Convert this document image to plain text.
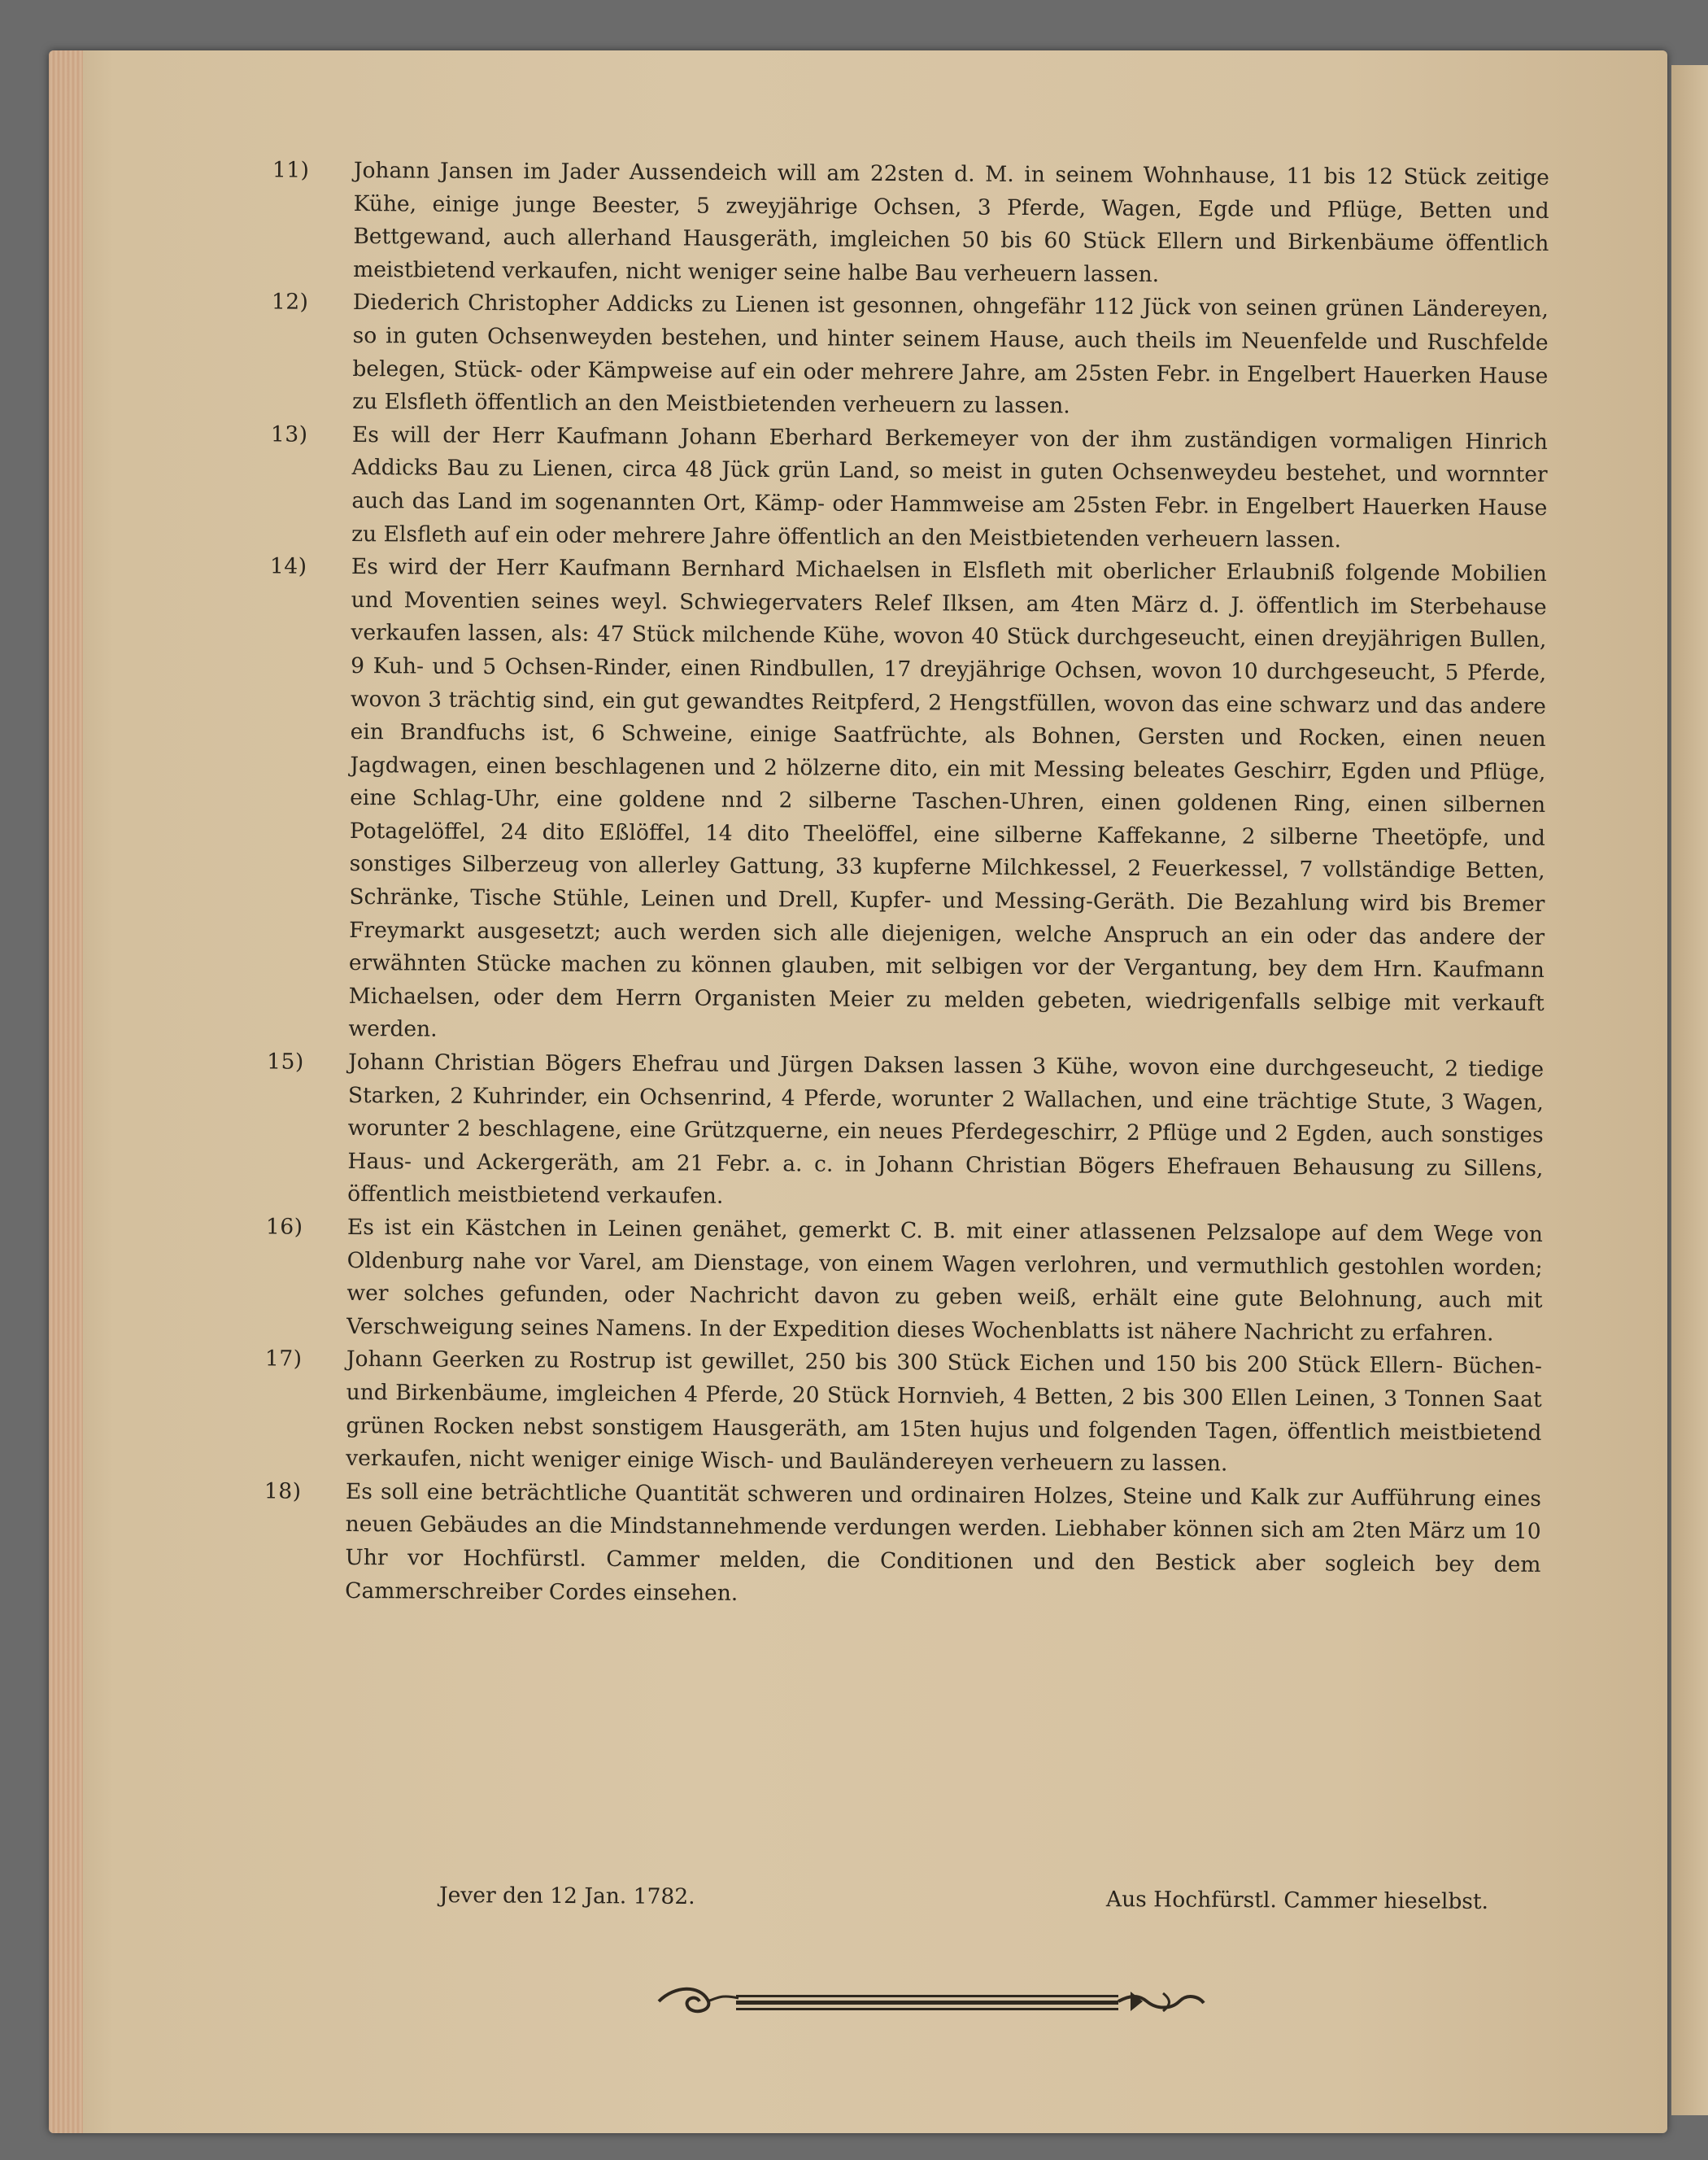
11)	Johann Jansen im Jader Aussendeich will am 22sten d. M. in seinem Wohnhause, 11 bis 12 Stück zeitige Kühe, einige junge Beester, 5 zweyjährige Ochsen, 3 Pferde, Wagen, Egde und Pflüge, Betten und Bettgewand, auch allerhand Hausgeräth, imgleichen 50 bis 60 Stück Ellern und Birkenbäume öffentlich meistbietend verkaufen, nicht weniger seine halbe Bau verheuern lassen.
12)	Diederich Christopher Addicks zu Lienen ist gesonnen, ohngefähr 112 Jück von seinen grünen Ländereyen, so in guten Ochsenweyden bestehen, und hinter seinem Hause, auch theils im Neuenfelde und Ruschfelde belegen, Stück- oder Kämpweise auf ein oder mehrere Jahre, am 25sten Febr. in Engelbert Hauerken Hause zu Elsfleth öffentlich an den Meistbietenden verheuern zu lassen.
13)	Es will der Herr Kaufmann Johann Eberhard Berkemeyer von der ihm zuständigen vormaligen Hinrich Addicks Bau zu Lienen, circa 48 Jück grün Land, so meist in guten Ochsenweydeu bestehet, und wornnter auch das Land im sogenannten Ort, Kämp- oder Hammweise am 25sten Febr. in Engelbert Hauerken Hause zu Elsfleth auf ein oder mehrere Jahre öffentlich an den Meistbietenden verheuern lassen.
14)	Es wird der Herr Kaufmann Bernhard Michaelsen in Elsfleth mit oberlicher Erlaubniß folgende Mobilien und Moventien seines weyl. Schwiegervaters Relef Ilksen, am 4ten März d. J. öffentlich im Sterbehause verkaufen lassen, als: 47 Stück milchende Kühe, wovon 40 Stück durchgeseucht, einen dreyjährigen Bullen, 9 Kuh- und 5 Ochsen-Rinder, einen Rindbullen, 17 dreyjährige Ochsen, wovon 10 durchgeseucht, 5 Pferde, wovon 3 trächtig sind, ein gut gewandtes Reitpferd, 2 Hengstfüllen, wovon das eine schwarz und das andere ein Brandfuchs ist, 6 Schweine, einige Saatfrüchte, als Bohnen, Gersten und Rocken, einen neuen Jagdwagen, einen beschlagenen und 2 hölzerne dito, ein mit Messing beleates Geschirr, Egden und Pflüge, eine Schlag-Uhr, eine goldene nnd 2 silberne Taschen-Uhren, einen goldenen Ring, einen silbernen Potagelöffel, 24 dito Eßlöffel, 14 dito Theelöffel, eine silberne Kaffekanne, 2 silberne Theetöpfe, und sonstiges Silberzeug von allerley Gattung, 33 kupferne Milchkessel, 2 Feuerkessel, 7 vollständige Betten, Schränke, Tische Stühle, Leinen und Drell, Kupfer- und Messing-Geräth. Die Bezahlung wird bis Bremer Freymarkt ausgesetzt; auch werden sich alle diejenigen, welche Anspruch an ein oder das andere der erwähnten Stücke machen zu können glauben, mit selbigen vor der Vergantung, bey dem Hrn. Kaufmann Michaelsen, oder dem Herrn Organisten Meier zu melden gebeten, wiedrigenfalls selbige mit verkauft werden.
15)	Johann Christian Bögers Ehefrau und Jürgen Daksen lassen 3 Kühe, wovon eine durchgeseucht, 2 tiedige Starken, 2 Kuhrinder, ein Ochsenrind, 4 Pferde, worunter 2 Wallachen, und eine trächtige Stute, 3 Wagen, worunter 2 beschlagene, eine Grützquerne, ein neues Pferdegeschirr, 2 Pflüge und 2 Egden, auch sonstiges Haus- und Ackergeräth, am 21 Febr. a. c. in Johann Christian Bögers Ehefrauen Behausung zu Sillens, öffentlich meistbietend verkaufen.
16)	Es ist ein Kästchen in Leinen genähet, gemerkt C. B. mit einer atlassenen Pelzsalope auf dem Wege von Oldenburg nahe vor Varel, am Dienstage, von einem Wagen verlohren, und vermuthlich gestohlen worden; wer solches gefunden, oder Nachricht davon zu geben weiß, erhält eine gute Belohnung, auch mit Verschweigung seines Namens. In der Expedition dieses Wochenblatts ist nähere Nachricht zu erfahren.
17)	Johann Geerken zu Rostrup ist gewillet, 250 bis 300 Stück Eichen und 150 bis 200 Stück Ellern- Büchen- und Birkenbäume, imgleichen 4 Pferde, 20 Stück Hornvieh, 4 Betten, 2 bis 300 Ellen Leinen, 3 Tonnen Saat grünen Rocken nebst sonstigem Hausgeräth, am 15ten hujus und folgenden Tagen, öffentlich meistbietend verkaufen, nicht weniger einige Wisch- und Bauländereyen verheuern zu lassen.
18)	Es soll eine beträchtliche Quantität schweren und ordinairen Holzes, Steine und Kalk zur Aufführung eines neuen Gebäudes an die Mindstannehmende verdungen werden. Liebhaber können sich am 2ten März um 10 Uhr vor Hochfürstl. Cammer melden, die Conditionen und den Bestick aber sogleich bey dem Cammerschreiber Cordes einsehen.
Jever den 12 Jan. 1782.	Aus Hochfürstl. Cammer hieselbst.
